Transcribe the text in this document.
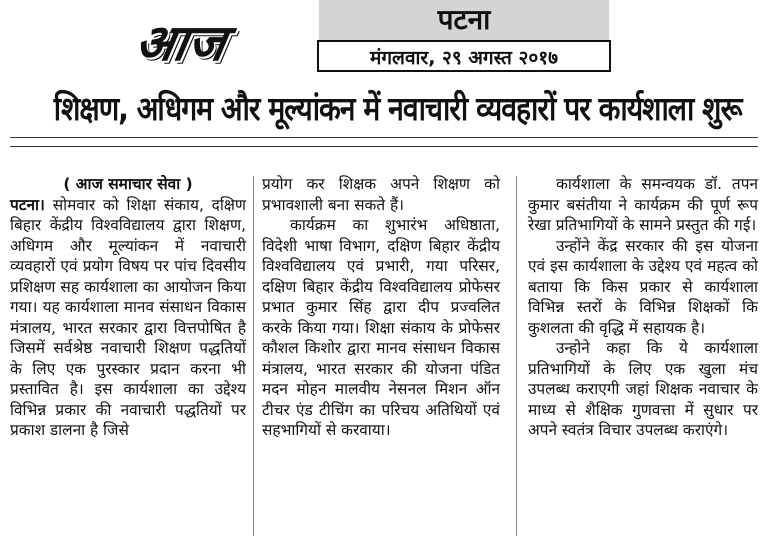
आज	पटना
मंगलवार, २९ अगस्त २०१७
शिक्षण, अधिगम और मूल्यांकन में नवाचारी व्यवहारों पर कार्यशाला शुरू
( आज समाचार सेवा )

पटना। सोमवार को शिक्षा संकाय, दक्षिण बिहार केंद्रीय विश्वविद्यालय द्वारा शिक्षण, अधिगम और मूल्यांकन में नवाचारी व्यवहारों एवं प्रयोग विषय पर पांच दिवसीय प्रशिक्षण सह कार्यशाला का आयोजन किया गया। यह कार्यशाला मानव संसाधन विकास मंत्रालय, भारत सरकार द्वारा वित्तपोषित है जिसमें सर्वश्रेष्ठ नवाचारी शिक्षण पद्धतियों के लिए एक पुरस्कार प्रदान करना भी प्रस्तावित है। इस कार्यशाला का उद्देश्य विभिन्न प्रकार की नवाचारी पद्धतियों पर प्रकाश डालना है जिसे

प्रयोग कर शिक्षक अपने शिक्षण को प्रभावशाली बना सकते हैं।

कार्यक्रम का शुभारंभ अधिष्ठाता, विदेशी भाषा विभाग, दक्षिण बिहार केंद्रीय विश्वविद्यालय एवं प्रभारी, गया परिसर, दक्षिण बिहार केंद्रीय विश्वविद्यालय प्रोफेसर प्रभात कुमार सिंह द्वारा दीप प्रज्वलित करके किया गया। शिक्षा संकाय के प्रोफेसर कौशल किशोर द्वारा मानव संसाधन विकास मंत्रालय, भारत सरकार की योजना पंडित मदन मोहन मालवीय नेसनल मिशन ऑन टीचर एंड टीचिंग का परिचय अतिथियों एवं सहभागियों से करवाया।

कार्यशाला के समन्वयक डॉ. तपन कुमार बसंतीया ने कार्यक्रम की पूर्ण रूप रेखा प्रतिभागियों के सामने प्रस्तुत की गई।

उन्होंने केंद्र सरकार की इस योजना एवं इस कार्यशाला के उद्देश्य एवं महत्व को बताया कि किस प्रकार से कार्यशाला विभिन्न स्तरों के विभिन्न शिक्षकों कि कुशलता की वृद्धि में सहायक है।

उन्होने कहा कि ये कार्यशाला प्रतिभागियों के लिए एक खुला मंच उपलब्ध कराएगी जहां शिक्षक नवाचार के माध्य से शैक्षिक गुणवत्ता में सुधार पर अपने स्वतंत्र विचार उपलब्ध कराएंगे।
